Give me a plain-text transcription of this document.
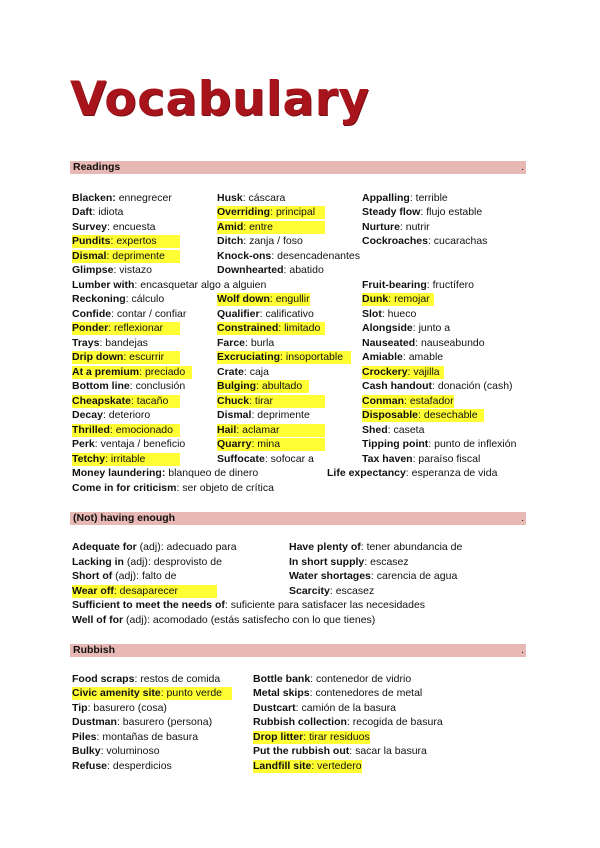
Vocabulary
Readings	.
(Not) having enough	.
Rubbish	.
Blacken: ennegrecer	Husk: cáscara	Appalling: terrible
Daft: idiota	Overriding: principal	Steady flow: flujo estable
Survey: encuesta	Amid: entre	Nurture: nutrir
Pundits: expertos	Ditch: zanja / foso	Cockroaches: cucarachas
Dismal: deprimente	Knock-ons: desencadenantes
Glimpse: vistazo	Downhearted: abatido
Lumber with: encasquetar algo a alguien	Fruit-bearing: fructífero
Reckoning: cálculo	Wolf down: engullir	Dunk: remojar
Confide: contar / confiar	Qualifier: calificativo	Slot: hueco
Ponder: reflexionar	Constrained: limitado	Alongside: junto a
Trays: bandejas	Farce: burla	Nauseated: nauseabundo
Drip down: escurrir	Excruciating: insoportable	Amiable: amable
At a premium: preciado	Crate: caja	Crockery: vajilla
Bottom line: conclusión	Bulging: abultado	Cash handout: donación (cash)
Cheapskate: tacaño	Chuck: tirar	Conman: estafador
Decay: deterioro	Dismal: deprimente	Disposable: desechable
Thrilled: emocionado	Hail: aclamar	Shed: caseta
Perk: ventaja / beneficio	Quarry: mina	Tipping point: punto de inflexión
Tetchy: irritable	Suffocate: sofocar a	Tax haven: paraíso fiscal
Money laundering: blanqueo de dinero	Life expectancy: esperanza de vida
Come in for criticism: ser objeto de crítica
Adequate for (adj): adecuado para	Have plenty of: tener abundancia de
Lacking in (adj): desprovisto de	In short supply: escasez
Short of (adj): falto de	Water shortages: carencia de agua
Wear off: desaparecer	Scarcity: escasez
Sufficient to meet the needs of: suficiente para satisfacer las necesidades
Well of for (adj): acomodado (estás satisfecho con lo que tienes)
Food scraps: restos de comida	Bottle bank: contenedor de vidrio
Civic amenity site: punto verde	Metal skips: contenedores de metal
Tip: basurero (cosa)	Dustcart: camión de la basura
Dustman: basurero (persona)	Rubbish collection: recogida de basura
Piles: montañas de basura	Drop litter: tirar residuos
Bulky: voluminoso	Put the rubbish out: sacar la basura
Refuse: desperdicios	Landfill site: vertedero
